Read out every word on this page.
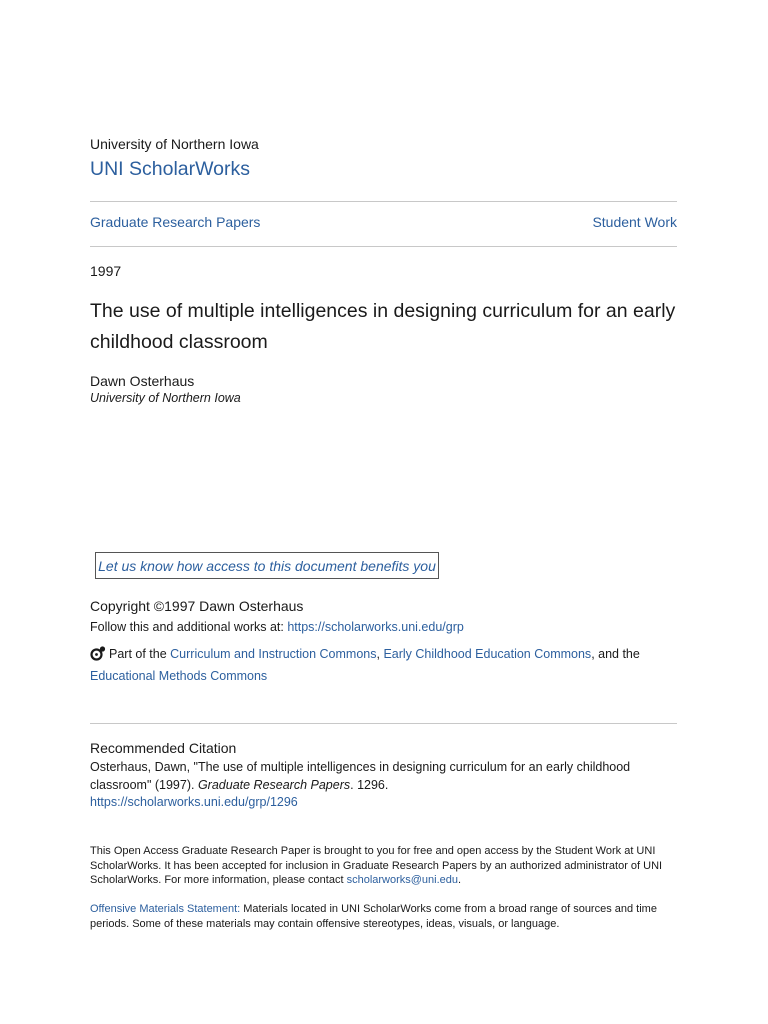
University of Northern Iowa
UNI ScholarWorks
Graduate Research Papers	Student Work
1997
The use of multiple intelligences in designing curriculum for an early childhood classroom
Dawn Osterhaus
University of Northern Iowa
Let us know how access to this document benefits you
Copyright ©1997 Dawn Osterhaus
Follow this and additional works at: https://scholarworks.uni.edu/grp
Part of the Curriculum and Instruction Commons, Early Childhood Education Commons, and the
Educational Methods Commons
Recommended Citation
Osterhaus, Dawn, "The use of multiple intelligences in designing curriculum for an early childhood classroom" (1997). Graduate Research Papers. 1296.
https://scholarworks.uni.edu/grp/1296
This Open Access Graduate Research Paper is brought to you for free and open access by the Student Work at UNI ScholarWorks. It has been accepted for inclusion in Graduate Research Papers by an authorized administrator of UNI ScholarWorks. For more information, please contact scholarworks@uni.edu.
Offensive Materials Statement: Materials located in UNI ScholarWorks come from a broad range of sources and time periods. Some of these materials may contain offensive stereotypes, ideas, visuals, or language.
